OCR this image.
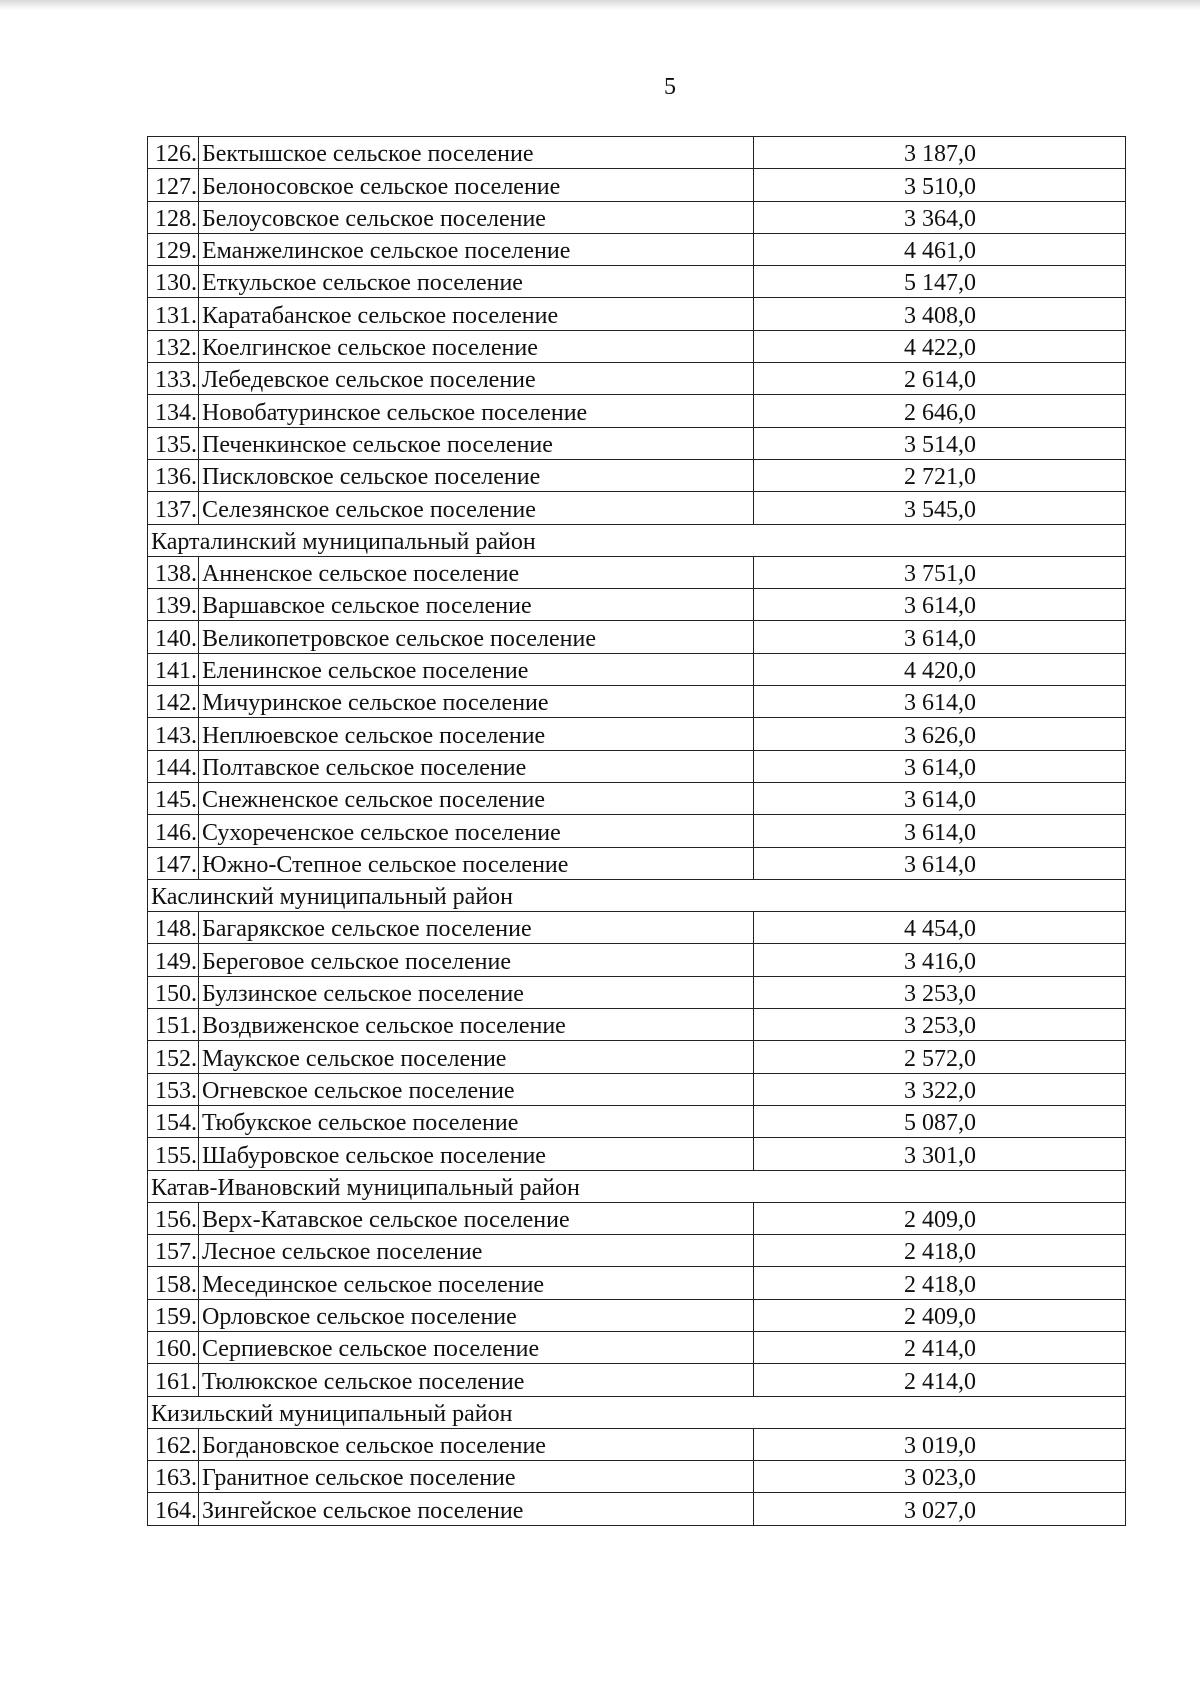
5
126.	Бектышское сельское поселение	3 187,0
127.	Белоносовское сельское поселение	3 510,0
128.	Белоусовское сельское поселение	3 364,0
129.	Еманжелинское сельское поселение	4 461,0
130.	Еткульское сельское поселение	5 147,0
131.	Каратабанское сельское поселение	3 408,0
132.	Коелгинское сельское поселение	4 422,0
133.	Лебедевское сельское поселение	2 614,0
134.	Новобатуринское сельское поселение	2 646,0
135.	Печенкинское сельское поселение	3 514,0
136.	Пискловское сельское поселение	2 721,0
137.	Селезянское сельское поселение	3 545,0
Карталинский муниципальный район		
138.	Анненское сельское поселение	3 751,0
139.	Варшавское сельское поселение	3 614,0
140.	Великопетровское сельское поселение	3 614,0
141.	Еленинское сельское поселение	4 420,0
142.	Мичуринское сельское поселение	3 614,0
143.	Неплюевское сельское поселение	3 626,0
144.	Полтавское сельское поселение	3 614,0
145.	Снежненское сельское поселение	3 614,0
146.	Сухореченское сельское поселение	3 614,0
147.	Южно-Степное сельское поселение	3 614,0
Каслинский муниципальный район		
148.	Багарякское сельское поселение	4 454,0
149.	Береговое сельское поселение	3 416,0
150.	Булзинское сельское поселение	3 253,0
151.	Воздвиженское сельское поселение	3 253,0
152.	Маукское сельское поселение	2 572,0
153.	Огневское сельское поселение	3 322,0
154.	Тюбукское сельское поселение	5 087,0
155.	Шабуровское сельское поселение	3 301,0
Катав-Ивановский муниципальный район		
156.	Верх-Катавское сельское поселение	2 409,0
157.	Лесное сельское поселение	2 418,0
158.	Месединское сельское поселение	2 418,0
159.	Орловское сельское поселение	2 409,0
160.	Серпиевское сельское поселение	2 414,0
161.	Тюлюкское сельское поселение	2 414,0
Кизильский муниципальный район		
162.	Богдановское сельское поселение	3 019,0
163.	Гранитное сельское поселение	3 023,0
164.	Зингейское сельское поселение	3 027,0
